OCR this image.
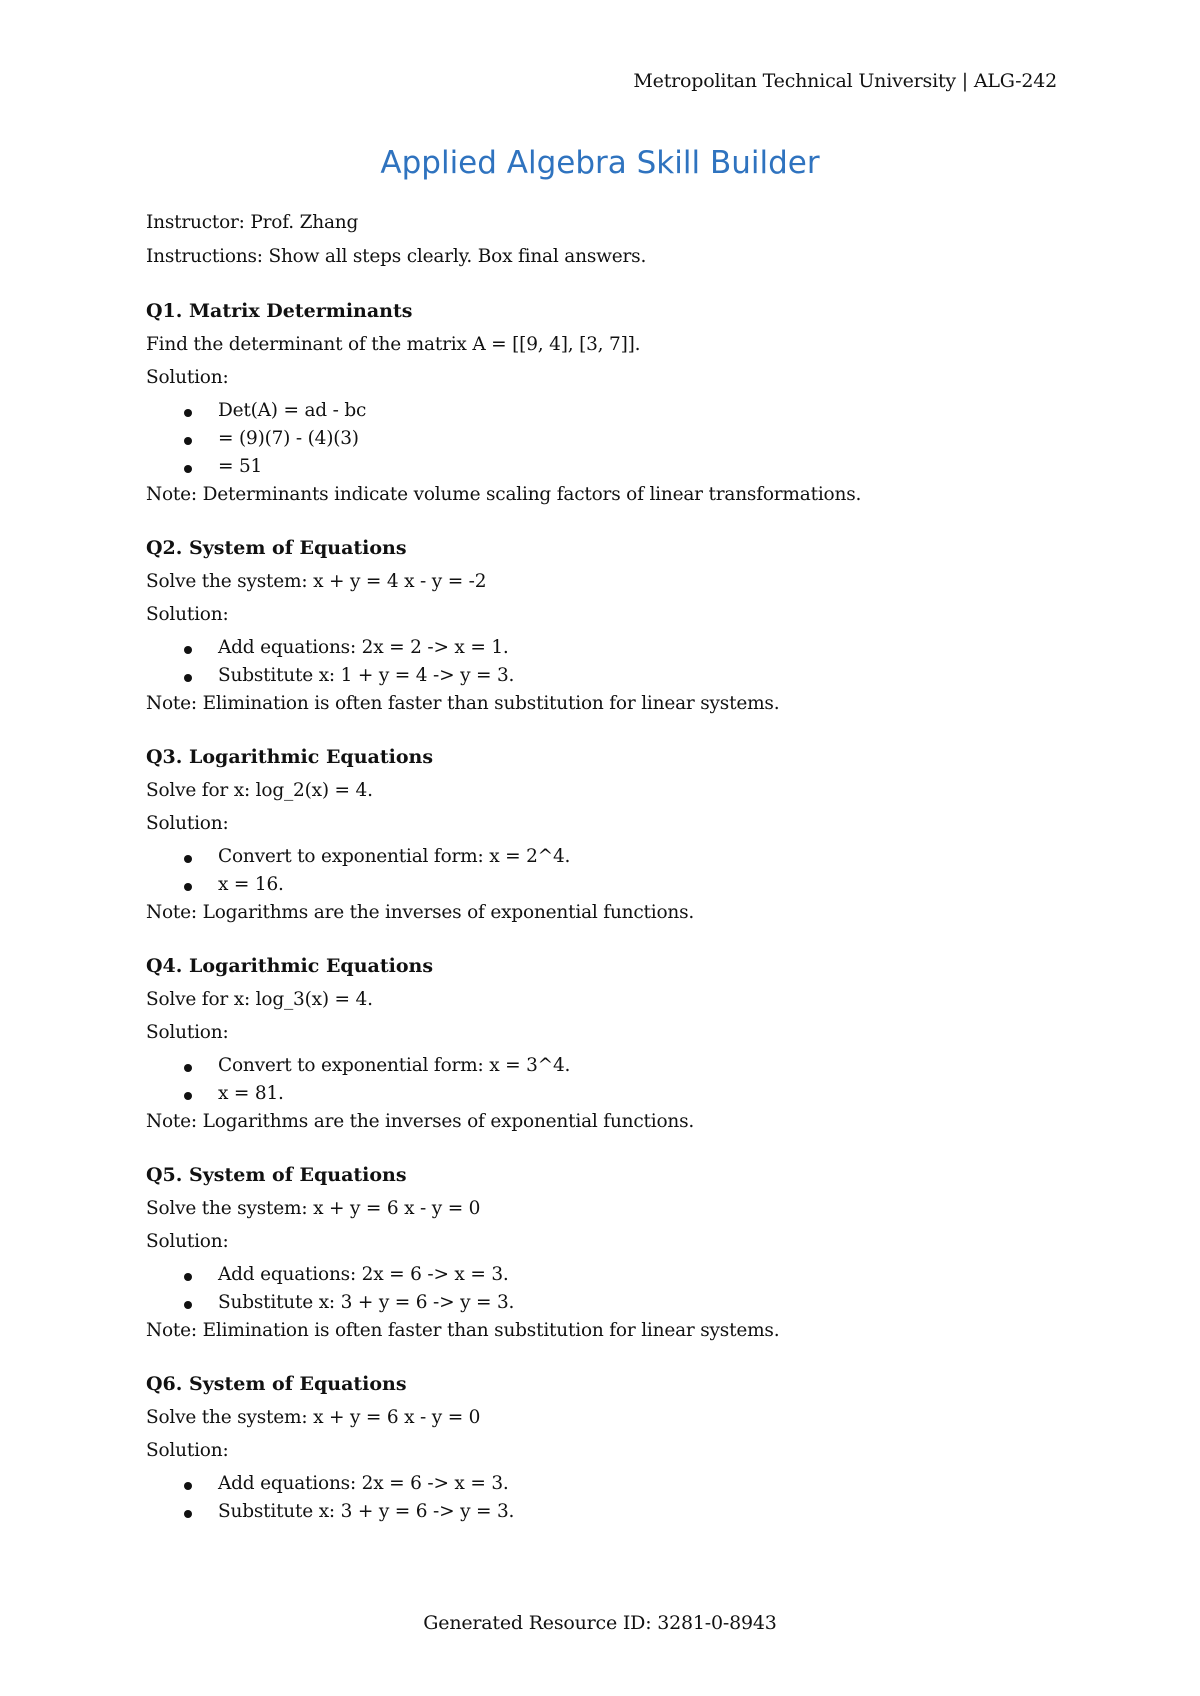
Metropolitan Technical University | ALG-242
Applied Algebra Skill Builder
Instructor: Prof. Zhang
Instructions: Show all steps clearly. Box final answers.
Q1. Matrix Determinants
Find the determinant of the matrix A = [[9, 4], [3, 7]].
Solution:
Det(A) = ad - bc
= (9)(7) - (4)(3)
= 51
Note: Determinants indicate volume scaling factors of linear transformations.
Q2. System of Equations
Solve the system: x + y = 4 x - y = -2
Solution:
Add equations: 2x = 2 -> x = 1.
Substitute x: 1 + y = 4 -> y = 3.
Note: Elimination is often faster than substitution for linear systems.
Q3. Logarithmic Equations
Solve for x: log_2(x) = 4.
Solution:
Convert to exponential form: x = 2^4.
x = 16.
Note: Logarithms are the inverses of exponential functions.
Q4. Logarithmic Equations
Solve for x: log_3(x) = 4.
Solution:
Convert to exponential form: x = 3^4.
x = 81.
Note: Logarithms are the inverses of exponential functions.
Q5. System of Equations
Solve the system: x + y = 6 x - y = 0
Solution:
Add equations: 2x = 6 -> x = 3.
Substitute x: 3 + y = 6 -> y = 3.
Note: Elimination is often faster than substitution for linear systems.
Q6. System of Equations
Solve the system: x + y = 6 x - y = 0
Solution:
Add equations: 2x = 6 -> x = 3.
Substitute x: 3 + y = 6 -> y = 3.
Generated Resource ID: 3281-0-8943
